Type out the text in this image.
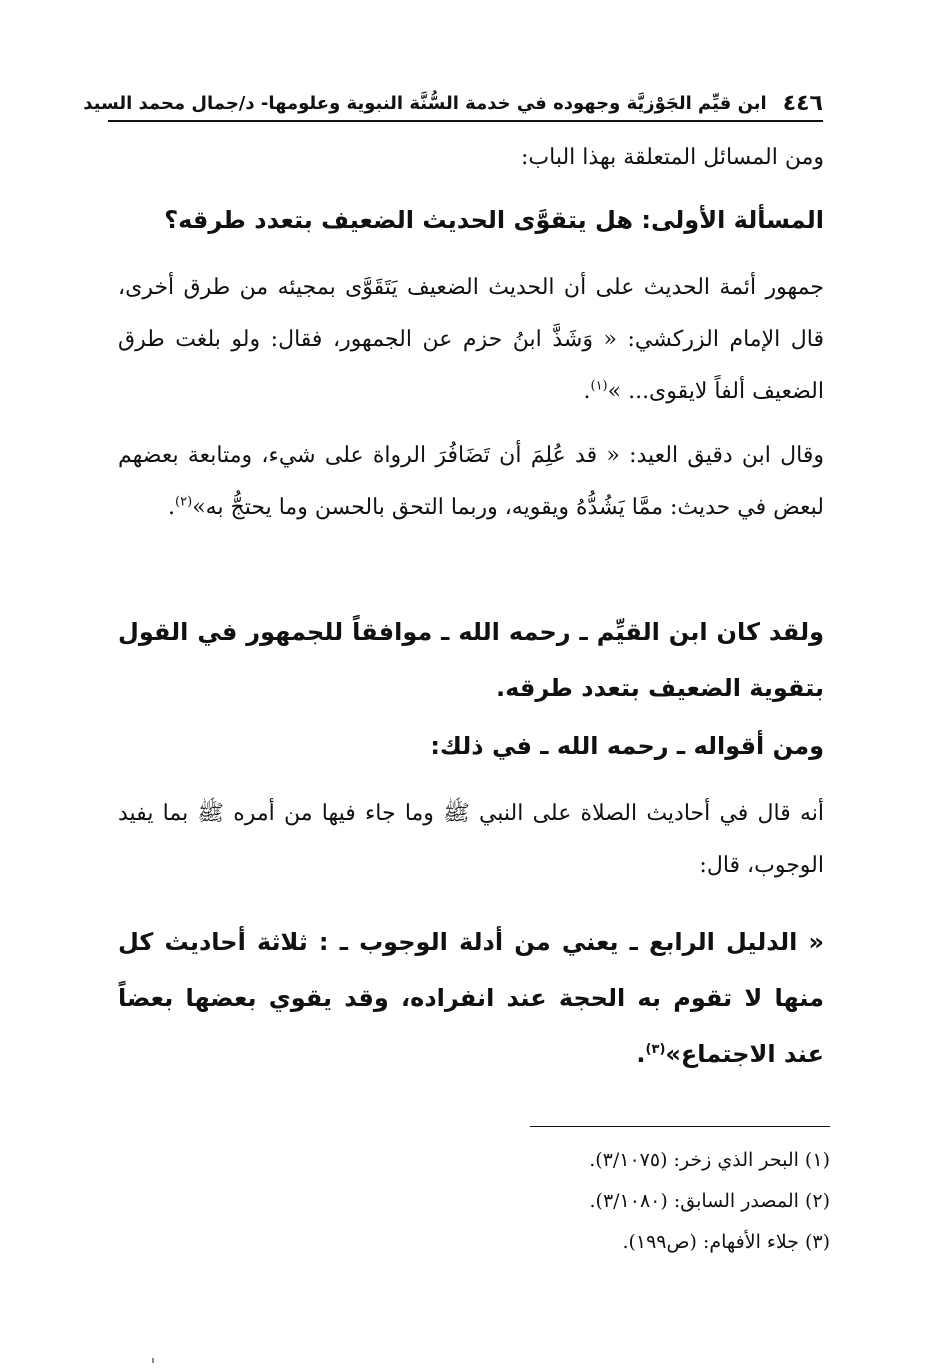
٤٤٦
ابن قيِّم الجَوْزيَّة وجهوده في خدمة السُّنَّة النبوية وعلومها- د/جمال محمد السيد
ومن المسائل المتعلقة بهذا الباب:
المسألة الأولى: هل يتقوَّى الحديث الضعيف بتعدد طرقه؟
جمهور أئمة الحديث على أن الحديث الضعيف يَتَقَوَّى بمجيئه من طرق أخرى، قال الإمام الزركشي: « وَشَذَّ ابنُ حزم عن الجمهور، فقال: ولو بلغت طرق الضعيف ألفاً لايقوى... »$^{(١)}$.
وقال ابن دقيق العيد: « قد عُلِمَ أن تَضَافُرَ الرواة على شيء، ومتابعة بعضهم لبعض في حديث: ممَّا يَشُدُّهُ ويقويه، وربما التحق بالحسن وما يحتجُّ به»$^{(٢)}$.
ولقد كان ابن القيِّم ـ رحمه الله ـ موافقاً للجمهور في القول بتقوية الضعيف بتعدد طرقه.
ومن أقواله ـ رحمه الله ـ في ذلك:
أنه قال في أحاديث الصلاة على النبي ﷺ وما جاء فيها من أمره ﷺ بما يفيد الوجوب، قال:
« الدليل الرابع ـ يعني من أدلة الوجوب ـ : ثلاثة أحاديث كل منها لا تقوم به الحجة عند انفراده، وقد يقوي بعضها بعضاً عند الاجتماع»$^{(٣)}$.
(١) البحر الذي زخر: (٣/١٠٧٥).
(٢) المصدر السابق: (٣/١٠٨٠).
(٣) جلاء الأفهام: (ص١٩٩).
